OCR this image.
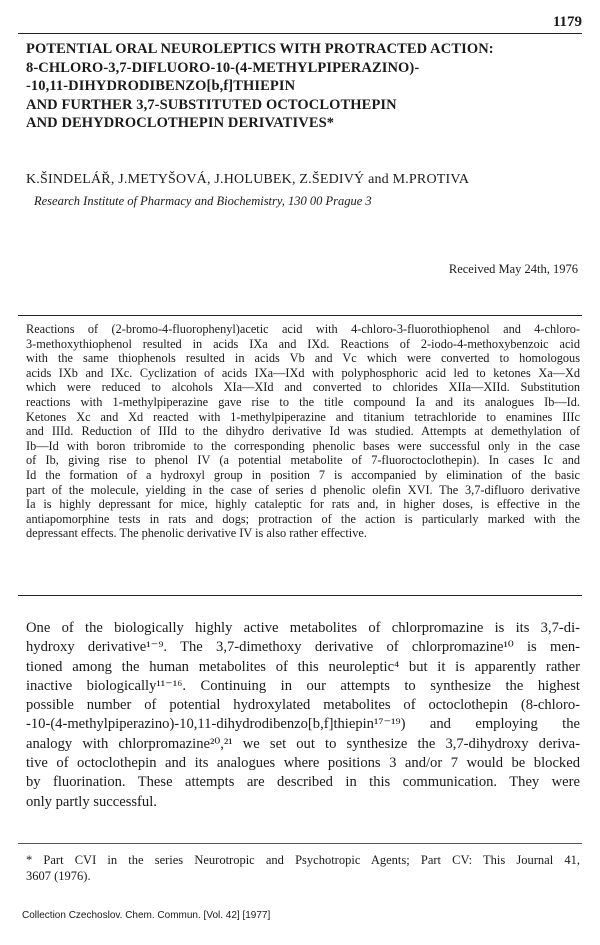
1179
POTENTIAL ORAL NEUROLEPTICS WITH PROTRACTED ACTION:
8-CHLORO-3,7-DIFLUORO-10-(4-METHYLPIPERAZINO)-
-10,11-DIHYDRODIBENZO[b,f]THIEPIN
AND FURTHER 3,7-SUBSTITUTED OCTOCLOTHEPIN
AND DEHYDROCLOTHEPIN DERIVATIVES*
K.ŠINDELÁŘ, J.METYŠOVÁ, J.HOLUBEK, Z.ŠEDIVÝ and M.PROTIVA
Research Institute of Pharmacy and Biochemistry, 130 00 Prague 3
Received May 24th, 1976
Reactions of (2-bromo-4-fluorophenyl)acetic acid with 4-chloro-3-fluorothiophenol and 4-chloro-
3-methoxythiophenol resulted in acids IXa and IXd. Reactions of 2-iodo-4-methoxybenzoic acid
with the same thiophenols resulted in acids Vb and Vc which were converted to homologous
acids IXb and IXc. Cyclization of acids IXa—IXd with polyphosphoric acid led to ketones Xa—Xd
which were reduced to alcohols XIa—XId and converted to chlorides XIIa—XIId. Substitution
reactions with 1-methylpiperazine gave rise to the title compound Ia and its analogues Ib—Id.
Ketones Xc and Xd reacted with 1-methylpiperazine and titanium tetrachloride to enamines IIIc
and IIId. Reduction of IIId to the dihydro derivative Id was studied. Attempts at demethylation of
Ib—Id with boron tribromide to the corresponding phenolic bases were successful only in the case
of Ib, giving rise to phenol IV (a potential metabolite of 7-fluoroctoclothepin). In cases Ic and
Id the formation of a hydroxyl group in position 7 is accompanied by elimination of the basic
part of the molecule, yielding in the case of series d phenolic olefin XVI. The 3,7-difluoro derivative
Ia is highly depressant for mice, highly cataleptic for rats and, in higher doses, is effective in the
antiapomorphine tests in rats and dogs; protraction of the action is particularly marked with the
depressant effects. The phenolic derivative IV is also rather effective.
One of the biologically highly active metabolites of chlorpromazine is its 3,7-di-
hydroxy derivative¹⁻⁹. The 3,7-dimethoxy derivative of chlorpromazine¹⁰ is men-
tioned among the human metabolites of this neuroleptic⁴ but it is apparently rather
inactive biologically¹¹⁻¹⁶. Continuing in our attempts to synthesize the highest
possible number of potential hydroxylated metabolites of octoclothepin (8-chloro-
-10-(4-methylpiperazino)-10,11-dihydrodibenzo[b,f]thiepin¹⁷⁻¹⁹) and employing the
analogy with chlorpromazine²⁰,²¹ we set out to synthesize the 3,7-dihydroxy deriva-
tive of octoclothepin and its analogues where positions 3 and/or 7 would be blocked
by fluorination. These attempts are described in this communication. They were
only partly successful.
* Part CVI in the series Neurotropic and Psychotropic Agents; Part CV: This Journal 41,
3607 (1976).
Collection Czechoslov. Chem. Commun. [Vol. 42] [1977]
